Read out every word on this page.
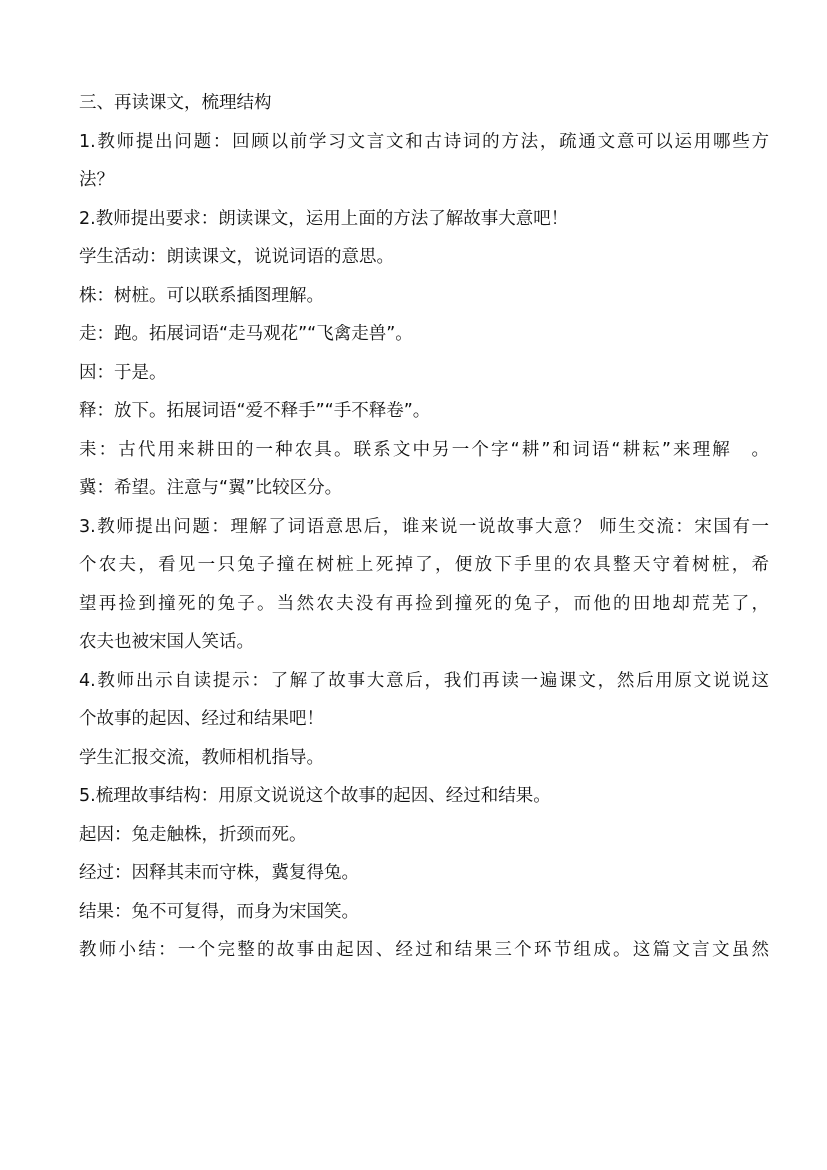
三、再读课文，梳理结构
1.教师提出问题：回顾以前学习文言文和古诗词的方法，疏通文意可以运用哪些方
法？
2.教师提出要求：朗读课文，运用上面的方法了解故事大意吧！
学生活动：朗读课文，说说词语的意思。
株：树桩。可以联系插图理解。
走：跑。拓展词语“走马观花”“飞禽走兽”。
因：于是。
释：放下。拓展词语“爱不释手”“手不释卷”。
耒：古代用来耕田的一种农具。联系文中另一个字“耕”和词语“耕耘”来理解　。
冀：希望。注意与“翼”比较区分。
3.教师提出问题：理解了词语意思后，谁来说一说故事大意？ 师生交流：宋国有一
个农夫，看见一只兔子撞在树桩上死掉了，便放下手里的农具整天守着树桩，希
望再捡到撞死的兔子。当然农夫没有再捡到撞死的兔子，而他的田地却荒芜了，
农夫也被宋国人笑话。
4.教师出示自读提示：了解了故事大意后，我们再读一遍课文，然后用原文说说这
个故事的起因、经过和结果吧！
学生汇报交流，教师相机指导。
5.梳理故事结构：用原文说说这个故事的起因、经过和结果。
起因：兔走触株，折颈而死。
经过：因释其耒而守株，冀复得兔。
结果：兔不可复得，而身为宋国笑。
教师小结：一个完整的故事由起因、经过和结果三个环节组成。这篇文言文虽然
